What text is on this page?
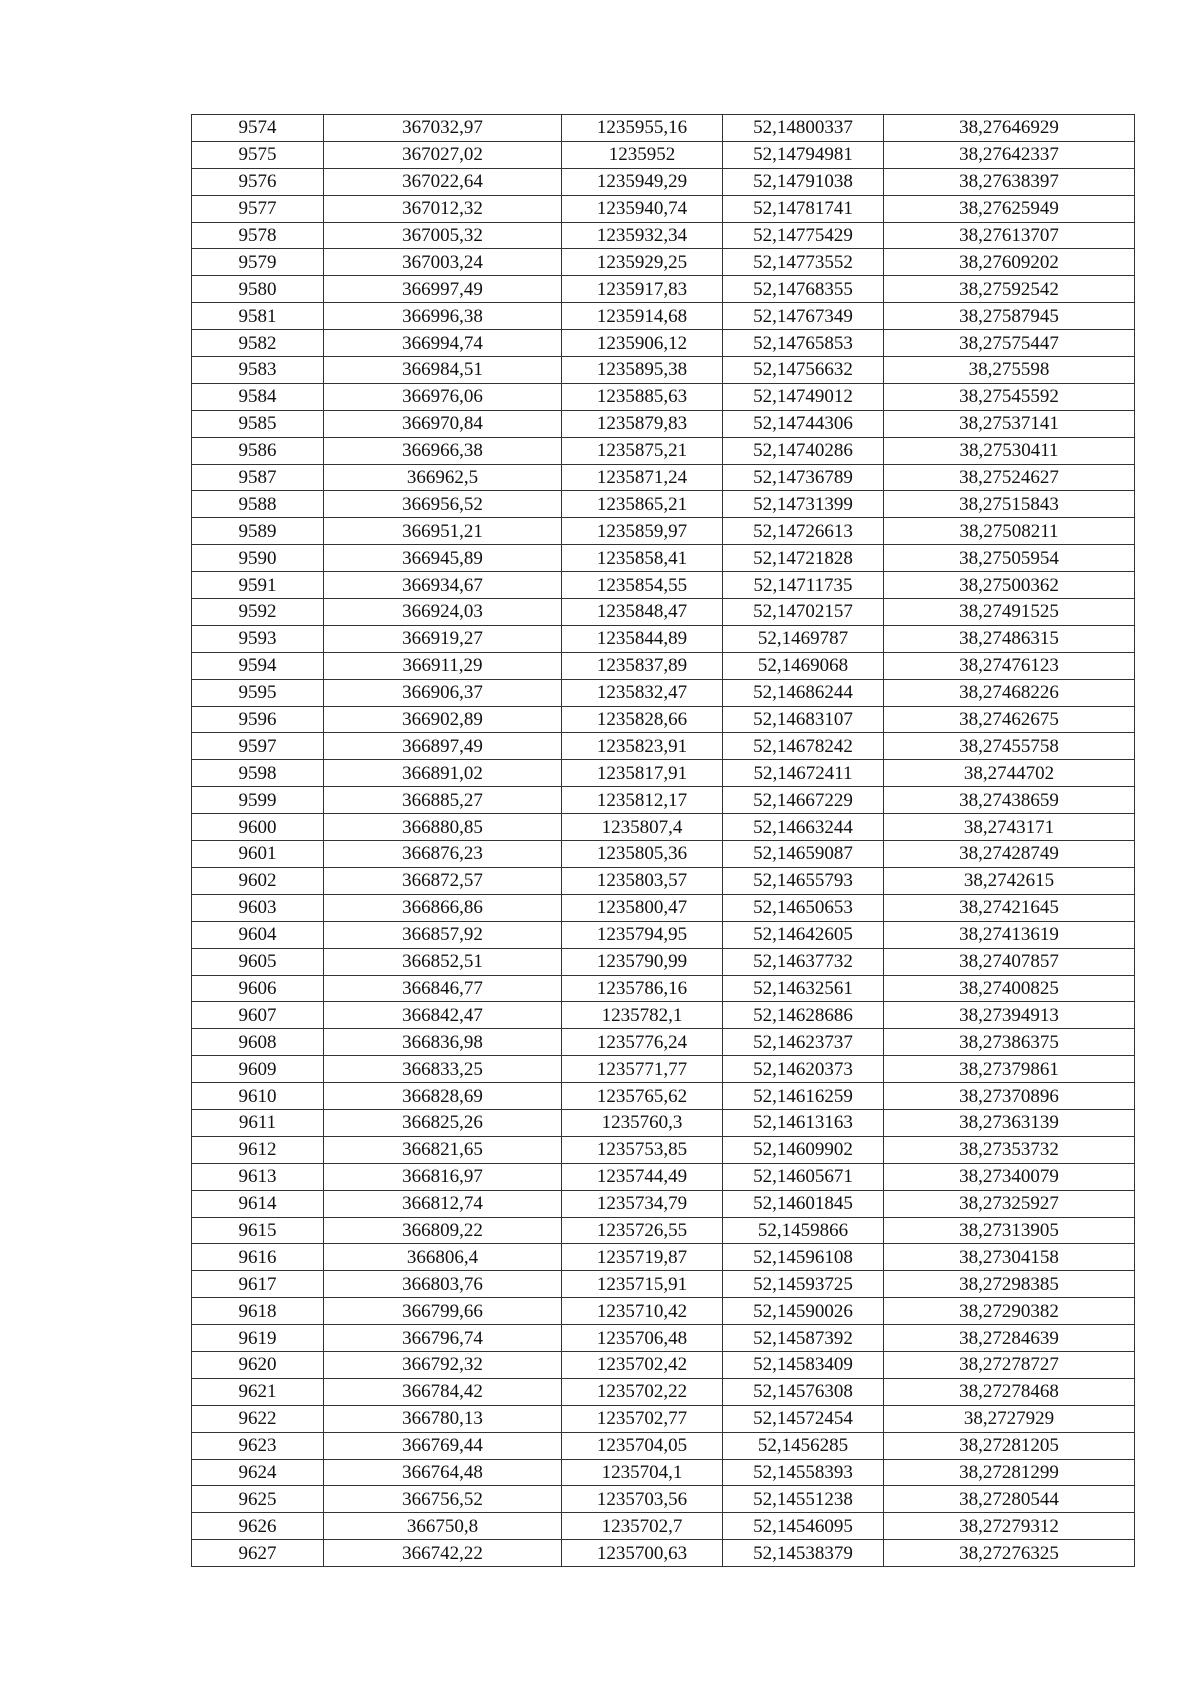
9574	367032,97	1235955,16	52,14800337	38,27646929
9575	367027,02	1235952	52,14794981	38,27642337
9576	367022,64	1235949,29	52,14791038	38,27638397
9577	367012,32	1235940,74	52,14781741	38,27625949
9578	367005,32	1235932,34	52,14775429	38,27613707
9579	367003,24	1235929,25	52,14773552	38,27609202
9580	366997,49	1235917,83	52,14768355	38,27592542
9581	366996,38	1235914,68	52,14767349	38,27587945
9582	366994,74	1235906,12	52,14765853	38,27575447
9583	366984,51	1235895,38	52,14756632	38,275598
9584	366976,06	1235885,63	52,14749012	38,27545592
9585	366970,84	1235879,83	52,14744306	38,27537141
9586	366966,38	1235875,21	52,14740286	38,27530411
9587	366962,5	1235871,24	52,14736789	38,27524627
9588	366956,52	1235865,21	52,14731399	38,27515843
9589	366951,21	1235859,97	52,14726613	38,27508211
9590	366945,89	1235858,41	52,14721828	38,27505954
9591	366934,67	1235854,55	52,14711735	38,27500362
9592	366924,03	1235848,47	52,14702157	38,27491525
9593	366919,27	1235844,89	52,1469787	38,27486315
9594	366911,29	1235837,89	52,1469068	38,27476123
9595	366906,37	1235832,47	52,14686244	38,27468226
9596	366902,89	1235828,66	52,14683107	38,27462675
9597	366897,49	1235823,91	52,14678242	38,27455758
9598	366891,02	1235817,91	52,14672411	38,2744702
9599	366885,27	1235812,17	52,14667229	38,27438659
9600	366880,85	1235807,4	52,14663244	38,2743171
9601	366876,23	1235805,36	52,14659087	38,27428749
9602	366872,57	1235803,57	52,14655793	38,2742615
9603	366866,86	1235800,47	52,14650653	38,27421645
9604	366857,92	1235794,95	52,14642605	38,27413619
9605	366852,51	1235790,99	52,14637732	38,27407857
9606	366846,77	1235786,16	52,14632561	38,27400825
9607	366842,47	1235782,1	52,14628686	38,27394913
9608	366836,98	1235776,24	52,14623737	38,27386375
9609	366833,25	1235771,77	52,14620373	38,27379861
9610	366828,69	1235765,62	52,14616259	38,27370896
9611	366825,26	1235760,3	52,14613163	38,27363139
9612	366821,65	1235753,85	52,14609902	38,27353732
9613	366816,97	1235744,49	52,14605671	38,27340079
9614	366812,74	1235734,79	52,14601845	38,27325927
9615	366809,22	1235726,55	52,1459866	38,27313905
9616	366806,4	1235719,87	52,14596108	38,27304158
9617	366803,76	1235715,91	52,14593725	38,27298385
9618	366799,66	1235710,42	52,14590026	38,27290382
9619	366796,74	1235706,48	52,14587392	38,27284639
9620	366792,32	1235702,42	52,14583409	38,27278727
9621	366784,42	1235702,22	52,14576308	38,27278468
9622	366780,13	1235702,77	52,14572454	38,2727929
9623	366769,44	1235704,05	52,1456285	38,27281205
9624	366764,48	1235704,1	52,14558393	38,27281299
9625	366756,52	1235703,56	52,14551238	38,27280544
9626	366750,8	1235702,7	52,14546095	38,27279312
9627	366742,22	1235700,63	52,14538379	38,27276325
